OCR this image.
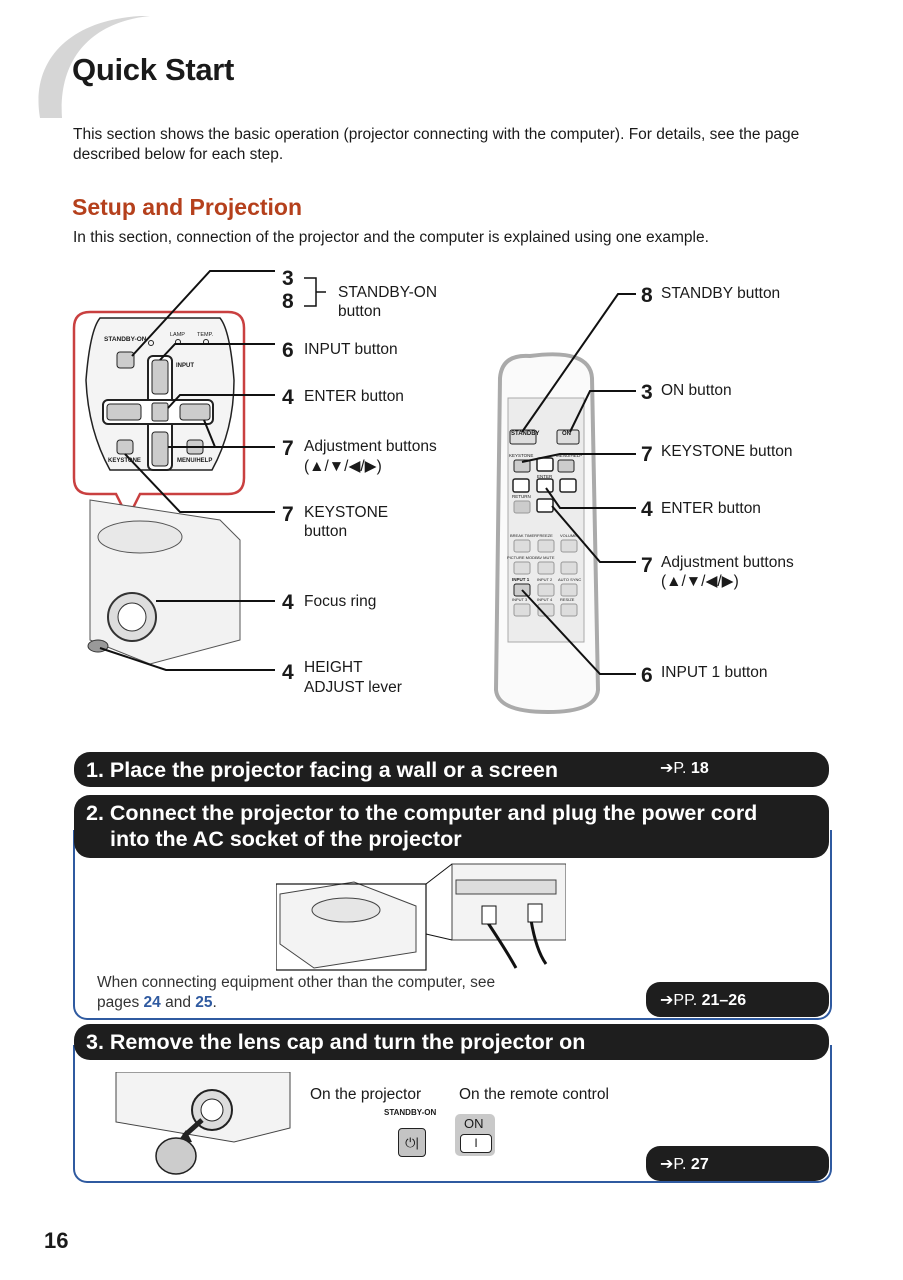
Quick Start
This section shows the basic operation (projector connecting with the computer). For details, see the page described below for each step.
Setup and Projection
In this section, connection of the projector and the computer is explained using one example.
STANDBY-ON
LAMP TEMP.
INPUT
KEYSTONE	MENU/HELP
3
8	STANDBY-ON
button
6 INPUT button
4 ENTER button
7 Adjustment buttons
(▲/▼/◀/▶)
7 KEYSTONE
button
4 Focus ring
4 HEIGHT
ADJUST lever
STANDBY	ON
KEYSTONE	MENU/HELP
ENTER
RETURN
BREAK TIMER FREEZE VOLUME
PICTURE MODE AV MUTE
INPUT 1 INPUT 2 AUTO SYNC
INPUT 3 INPUT 4 RESIZE
8 STANDBY button
3 ON button
7 KEYSTONE button
4 ENTER button
7 Adjustment buttons
(▲/▼/◀/▶)
6 INPUT 1 button
1. Place the projector facing a wall or a screen	➔P. 18
2. Connect the projector to the computer and plug the power cord
into the AC socket of the projector
When connecting equipment other than the computer, see
pages 24 and 25.	➔PP. 21–26
3. Remove the lens cap and turn the projector on
On the projector On the remote control
STANDBY-ON
⏻|
ON
I
➔P. 27
16
